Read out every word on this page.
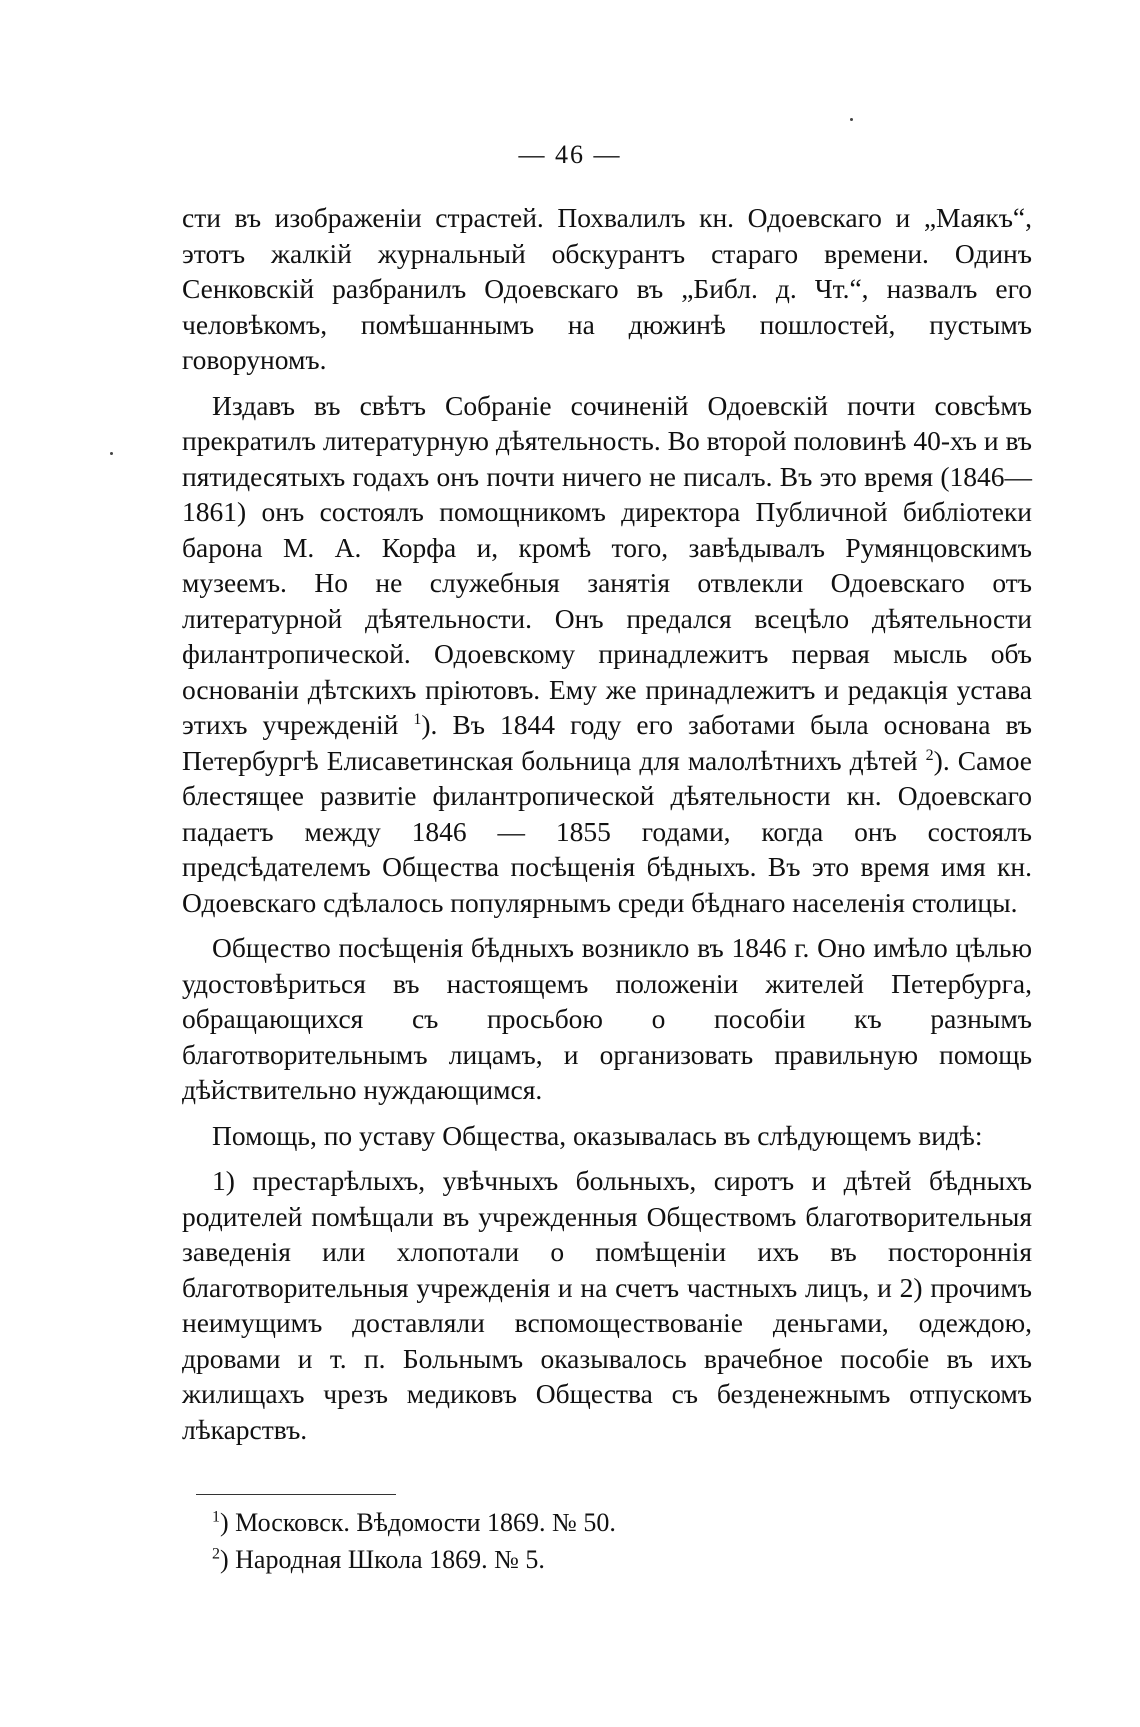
— 46 —

сти въ изображеніи страстей. Похвалилъ кн. Одоевскаго и „Маякъ“, этотъ жалкій журнальный обскурантъ стараго времени. Одинъ Сенковскій разбранилъ Одоевскаго въ „Библ. д. Чт.“, назвалъ его человѣкомъ, помѣшаннымъ на дюжинѣ пошлостей, пустымъ говоруномъ.

Издавъ въ свѣтъ Собраніе сочиненій Одоевскій почти совсѣмъ прекратилъ литературную дѣятельность. Во второй половинѣ 40-хъ и въ пятидесятыхъ годахъ онъ почти ничего не писалъ. Въ это время (1846—1861) онъ состоялъ помощникомъ директора Публичной библіотеки барона М. А. Корфа и, кромѣ того, завѣдывалъ Румянцовскимъ музеемъ. Но не служебныя занятія отвлекли Одоевскаго отъ литературной дѣятельности. Онъ предался всецѣло дѣятельности филантропической. Одоевскому принадлежитъ первая мысль объ основаніи дѣтскихъ пріютовъ. Ему же принадлежитъ и редакція устава этихъ учрежденій $^1$). Въ 1844 году его заботами была основана въ Петербургѣ Елисаветинская больница для малолѣтнихъ дѣтей $^2$). Самое блестящее развитіе филантропической дѣятельности кн. Одоевскаго падаетъ между 1846 — 1855 годами, когда онъ состоялъ предсѣдателемъ Общества посѣщенія бѣдныхъ. Въ это время имя кн. Одоевскаго сдѣлалось популярнымъ среди бѣднаго населенія столицы.

Общество посѣщенія бѣдныхъ возникло въ 1846 г. Оно имѣло цѣлью удостовѣриться въ настоящемъ положеніи жителей Петербурга, обращающихся съ просьбою о пособіи къ разнымъ благотворительнымъ лицамъ, и организовать правильную помощь дѣйствительно нуждающимся.

Помощь, по уставу Общества, оказывалась въ слѣдующемъ видѣ:

1) престарѣлыхъ, увѣчныхъ больныхъ, сиротъ и дѣтей бѣдныхъ родителей помѣщали въ учрежденныя Обществомъ благотворительныя заведенія или хлопотали о помѣщеніи ихъ въ постороннія благотворительныя учрежденія и на счетъ частныхъ лицъ, и 2) прочимъ неимущимъ доставляли вспомоществованіе деньгами, одеждою, дровами и т. п. Больнымъ оказывалось врачебное пособіе въ ихъ жилищахъ чрезъ медиковъ Общества съ безденежнымъ отпускомъ лѣкарствъ.

$^1$) Московск. Вѣдомости 1869. № 50.

$^2$) Народная Школа 1869. № 5.
